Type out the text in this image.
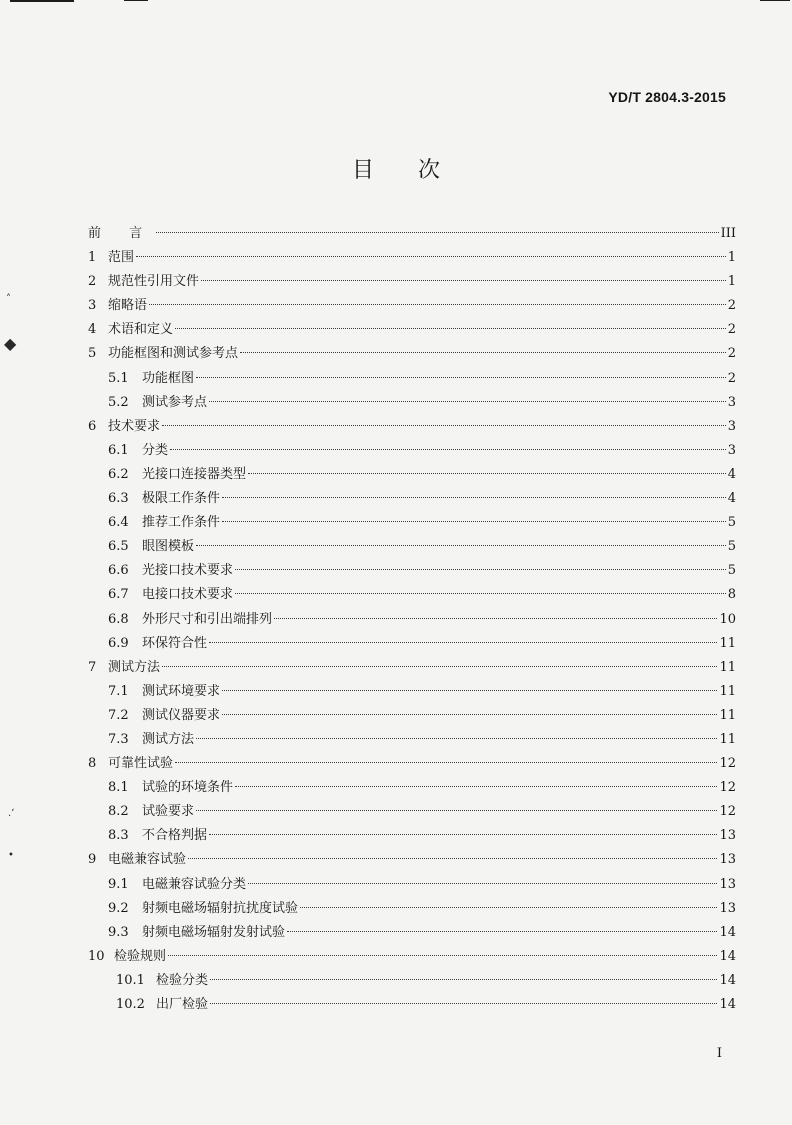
YD/T 2804.3-2015
目次
前 言	III
1 范围	1
2 规范性引用文件	1
3 缩略语	2
4 术语和定义	2
5 功能框图和测试参考点	2
5.1	功能框图	2
5.2	测试参考点	3
6 技术要求	3
6.1	分类	3
6.2	光接口连接器类型	4
6.3	极限工作条件	4
6.4	推荐工作条件	5
6.5	眼图模板	5
6.6	光接口技术要求	5
6.7	电接口技术要求	8
6.8	外形尺寸和引出端排列	10
6.9	环保符合性	11
7 测试方法	11
7.1	测试环境要求	11
7.2	测试仪器要求	11
7.3	测试方法	11
8 可靠性试验	12
8.1	试验的环境条件	12
8.2	试验要求	12
8.3	不合格判据	13
9 电磁兼容试验	13
9.1	电磁兼容试验分类	13
9.2	射频电磁场辐射抗扰度试验	13
9.3	射频电磁场辐射发射试验	14
10 检验规则	14
10.1 检验分类	14
10.2 出厂检验	14
I
˄
◆
.‘
•
